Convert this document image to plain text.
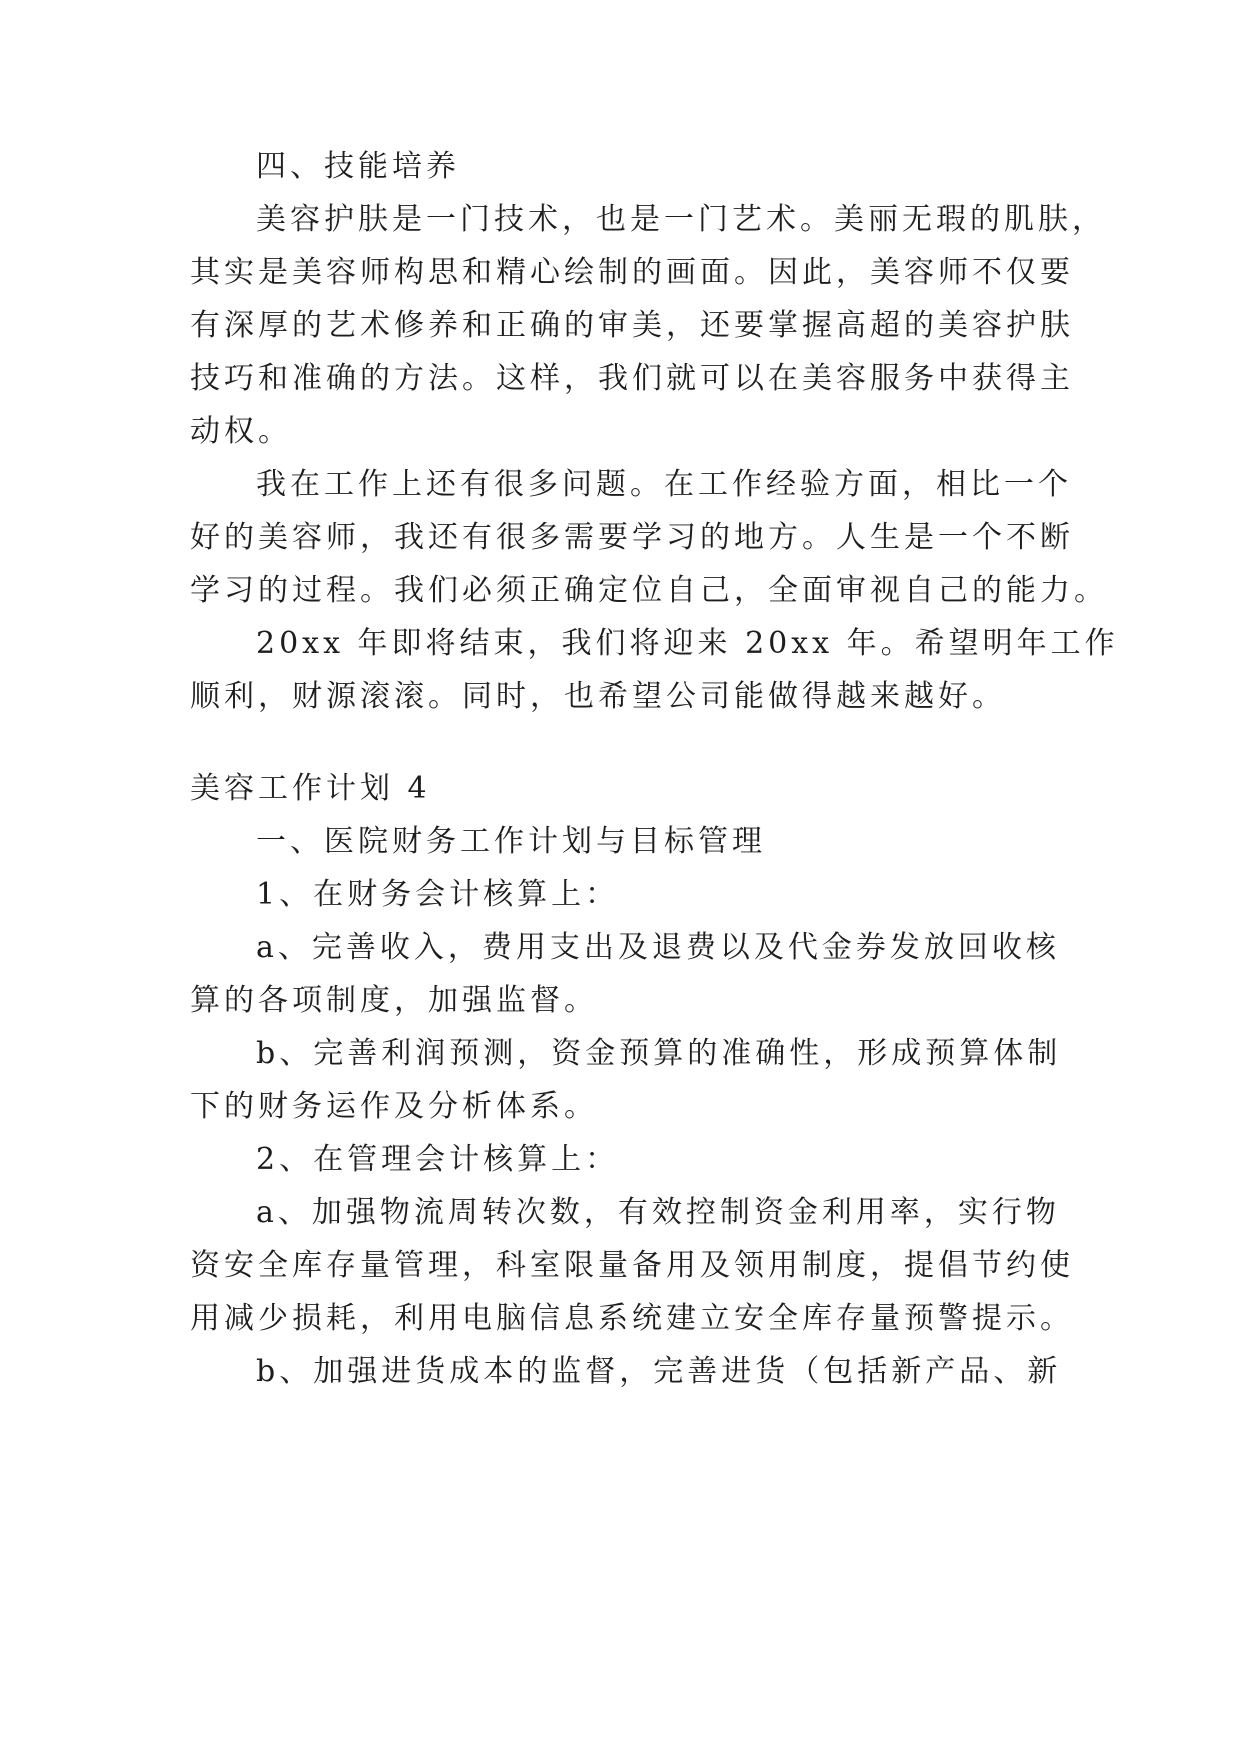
四、技能培养
美容护肤是一门技术，也是一门艺术。美丽无瑕的肌肤，
其实是美容师构思和精心绘制的画面。因此，美容师不仅要
有深厚的艺术修养和正确的审美，还要掌握高超的美容护肤
技巧和准确的方法。这样，我们就可以在美容服务中获得主
动权。
我在工作上还有很多问题。在工作经验方面，相比一个
好的美容师，我还有很多需要学习的地方。人生是一个不断
学习的过程。我们必须正确定位自己，全面审视自己的能力。
20xx 年即将结束，我们将迎来 20xx 年。希望明年工作
顺利，财源滚滚。同时，也希望公司能做得越来越好。
美容工作计划 4
一、医院财务工作计划与目标管理
1、在财务会计核算上：
a、完善收入，费用支出及退费以及代金券发放回收核
算的各项制度，加强监督。
b、完善利润预测，资金预算的准确性，形成预算体制
下的财务运作及分析体系。
2、在管理会计核算上：
a、加强物流周转次数，有效控制资金利用率，实行物
资安全库存量管理，科室限量备用及领用制度，提倡节约使
用减少损耗，利用电脑信息系统建立安全库存量预警提示。
b、加强进货成本的监督，完善进货（包括新产品、新
